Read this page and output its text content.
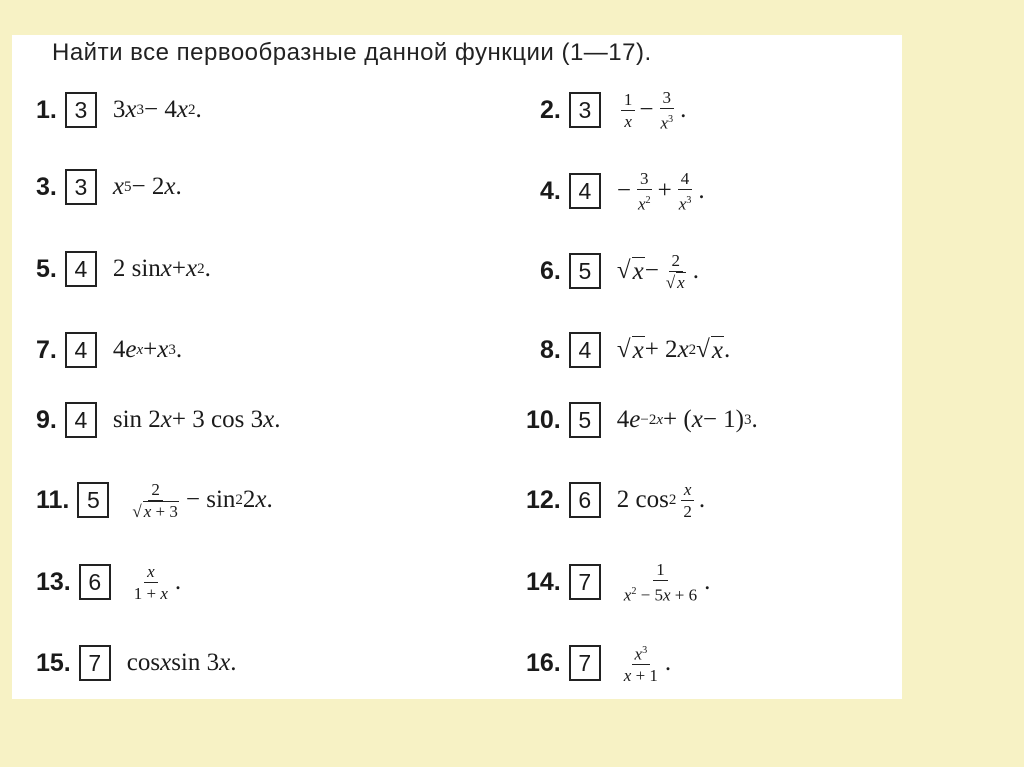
Найти все первообразные данной функции (1—17).
1. 3	3 x 3 − 4 x 2 .
3. 3	x 5 − 2 x .
5. 4	2 sin x + x 2 .
7. 4	4 e x + x 3 .
9. 4	sin 2 x + 3 cos 3 x .
11. 5	2
√ x + 3 − sin 2 2 x .
13. 6	x
1 + x .
15. 7	cos x sin 3 x .
2. 3	1
$x - \frac{3}{x^3}$ .
4. 4	− $\frac{3}{x^2} + \frac{4}{x^3}$ .
6. 5	√ $x - \frac{2}{√ x}$ .
8. 4	√ x + 2 x 2 √ x .
10. 5	4 e −2x + ( x − 1) 3 .
12. 6	2 cos 2
x
2 .
14. 7	1
$x^2 - 5x + 6$ .
16. 7	$x^3$
x + 1 .
